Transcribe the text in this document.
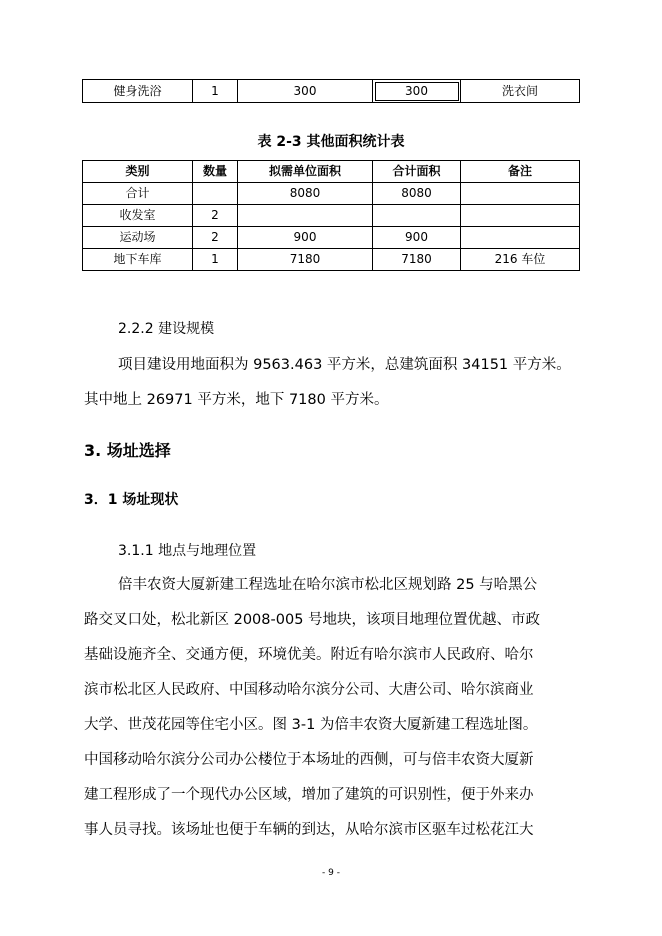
健身洗浴	1	300	300	洗衣间
表 2-3 其他面积统计表
类别	数量	拟需单位面积	合计面积	备注
合计		8080	8080	
收发室	2			
运动场	2	900	900	
地下车库	1	7180	7180	216 车位
2.2.2 建设规模
项目建设用地面积为 9563.463 平方米，总建筑面积 34151 平方米。
其中地上 26971 平方米，地下 7180 平方米。
3. 场址选择
3．1 场址现状
3.1.1 地点与地理位置
倍丰农资大厦新建工程选址在哈尔滨市松北区规划路 25 与哈黑公
路交叉口处，松北新区 2008-005 号地块，该项目地理位置优越、市政
基础设施齐全、交通方便，环境优美。附近有哈尔滨市人民政府、哈尔
滨市松北区人民政府、中国移动哈尔滨分公司、大唐公司、哈尔滨商业
大学、世茂花园等住宅小区。图 3-1 为倍丰农资大厦新建工程选址图。
中国移动哈尔滨分公司办公楼位于本场址的西侧，可与倍丰农资大厦新
建工程形成了一个现代办公区域，增加了建筑的可识别性，便于外来办
事人员寻找。该场址也便于车辆的到达，从哈尔滨市区驱车过松花江大
- 9 -
